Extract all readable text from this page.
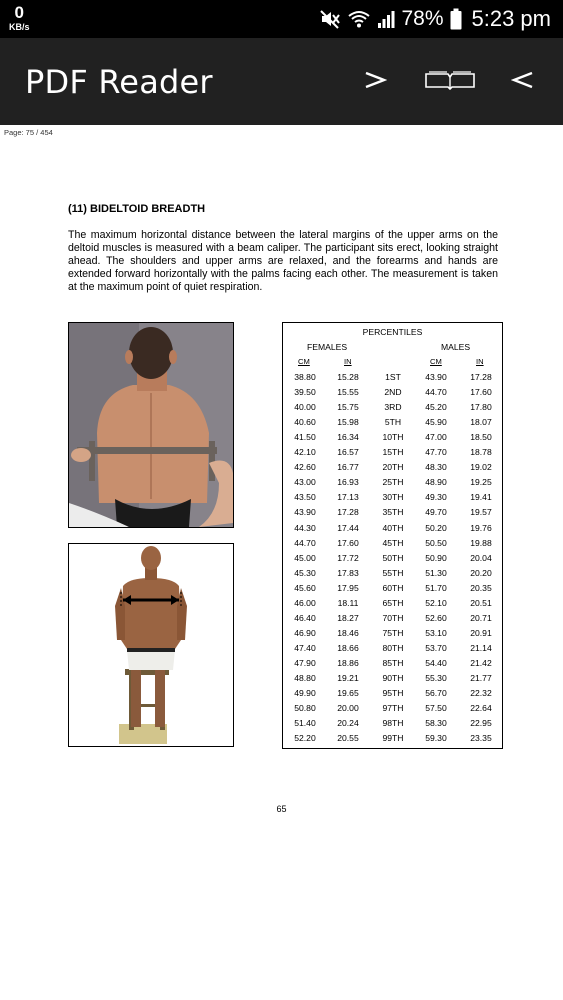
0
KB/s	78% 5:23 pm
PDF Reader
Page: 75 / 454
(11) BIDELTOID BREADTH
The maximum horizontal distance between the lateral margins of the upper arms on the deltoid muscles is measured with a beam caliper. The participant sits erect, looking straight ahead. The shoulders and upper arms are relaxed, and the forearms and hands are extended forward horizontally with the palms facing each other. The measurement is taken at the maximum point of quiet respiration.
PERCENTILES
FEMALES	MALES
CM	IN	CM	IN
38.80	15.28	1ST	43.90	17.28
39.50	15.55	2ND	44.70	17.60
40.00	15.75	3RD	45.20	17.80
40.60	15.98	5TH	45.90	18.07
41.50	16.34	10TH	47.00	18.50
42.10	16.57	15TH	47.70	18.78
42.60	16.77	20TH	48.30	19.02
43.00	16.93	25TH	48.90	19.25
43.50	17.13	30TH	49.30	19.41
43.90	17.28	35TH	49.70	19.57
44.30	17.44	40TH	50.20	19.76
44.70	17.60	45TH	50.50	19.88
45.00	17.72	50TH	50.90	20.04
45.30	17.83	55TH	51.30	20.20
45.60	17.95	60TH	51.70	20.35
46.00	18.11	65TH	52.10	20.51
46.40	18.27	70TH	52.60	20.71
46.90	18.46	75TH	53.10	20.91
47.40	18.66	80TH	53.70	21.14
47.90	18.86	85TH	54.40	21.42
48.80	19.21	90TH	55.30	21.77
49.90	19.65	95TH	56.70	22.32
50.80	20.00	97TH	57.50	22.64
51.40	20.24	98TH	58.30	22.95
52.20	20.55	99TH	59.30	23.35
65
